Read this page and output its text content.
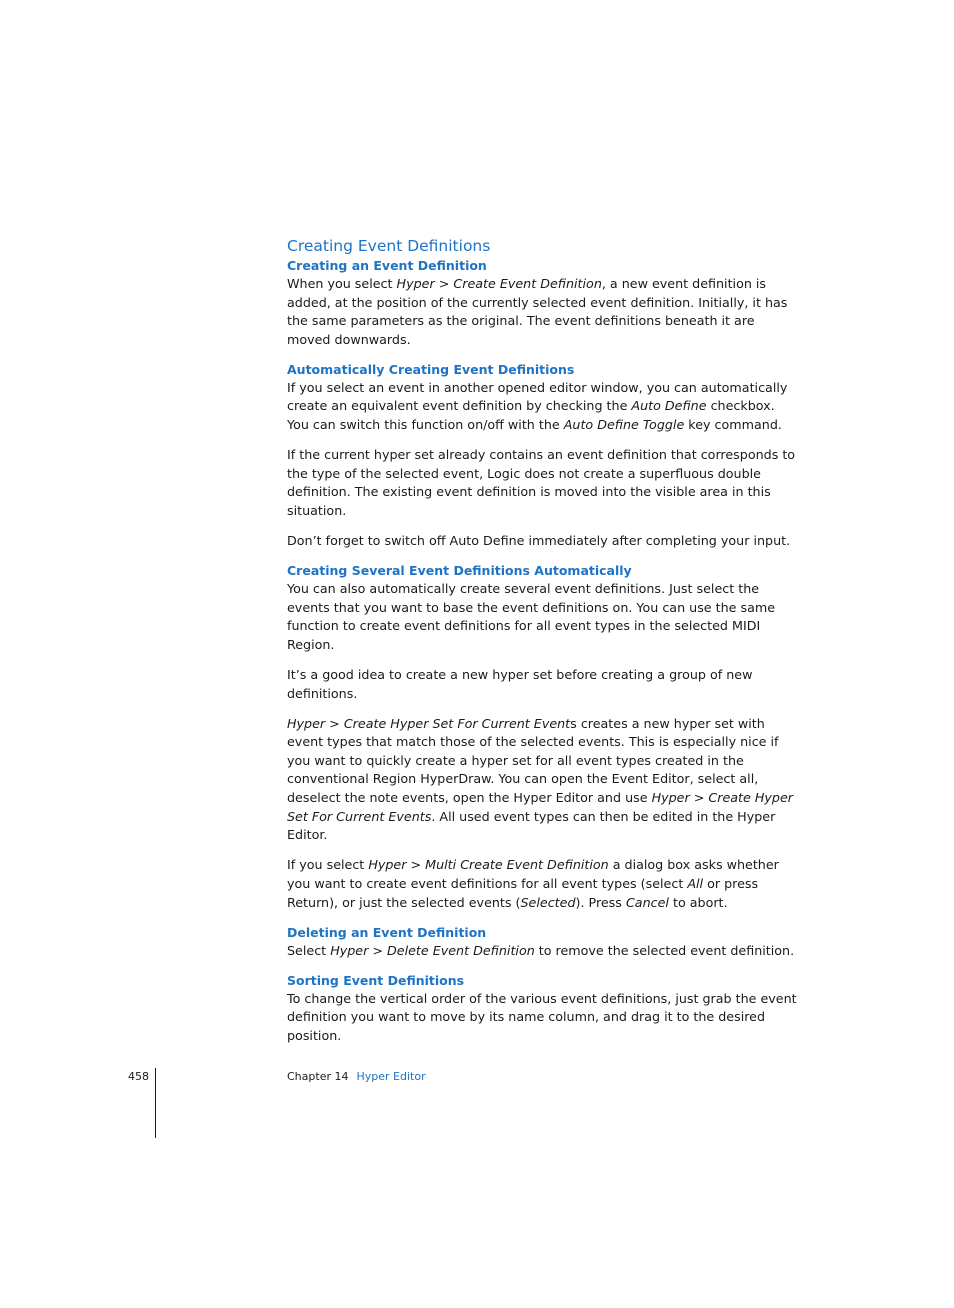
Creating Event Definitions
Creating an Event Definition

When you select Hyper > Create Event Definition, a new event definition is added, at the position of the currently selected event definition. Initially, it has the same parameters as the original. The event definitions beneath it are moved downwards.

Automatically Creating Event Definitions

If you select an event in another opened editor window, you can automatically create an equivalent event definition by checking the Auto Define checkbox. You can switch this function on/off with the Auto Define Toggle key command.

If the current hyper set already contains an event definition that corresponds to the type of the selected event, Logic does not create a superfluous double definition. The existing event definition is moved into the visible area in this situation.

Don’t forget to switch off Auto Define immediately after completing your input.

Creating Several Event Definitions Automatically

You can also automatically create several event definitions. Just select the events that you want to base the event definitions on. You can use the same function to create event definitions for all event types in the selected MIDI Region.

It’s a good idea to create a new hyper set before creating a group of new definitions.

Hyper > Create Hyper Set For Current Events creates a new hyper set with event types that match those of the selected events. This is especially nice if you want to quickly create a hyper set for all event types created in the conventional Region HyperDraw. You can open the Event Editor, select all, deselect the note events, open the Hyper Editor and use Hyper > Create Hyper Set For Current Events. All used event types can then be edited in the Hyper Editor.

If you select Hyper > Multi Create Event Definition a dialog box asks whether you want to create event definitions for all event types (select All or press Return), or just the selected events (Selected). Press Cancel to abort.

Deleting an Event Definition

Select Hyper > Delete Event Definition to remove the selected event definition.

Sorting Event Definitions

To change the vertical order of the various event definitions, just grab the event definition you want to move by its name column, and drag it to the desired position.

458	Chapter 14 Hyper Editor
